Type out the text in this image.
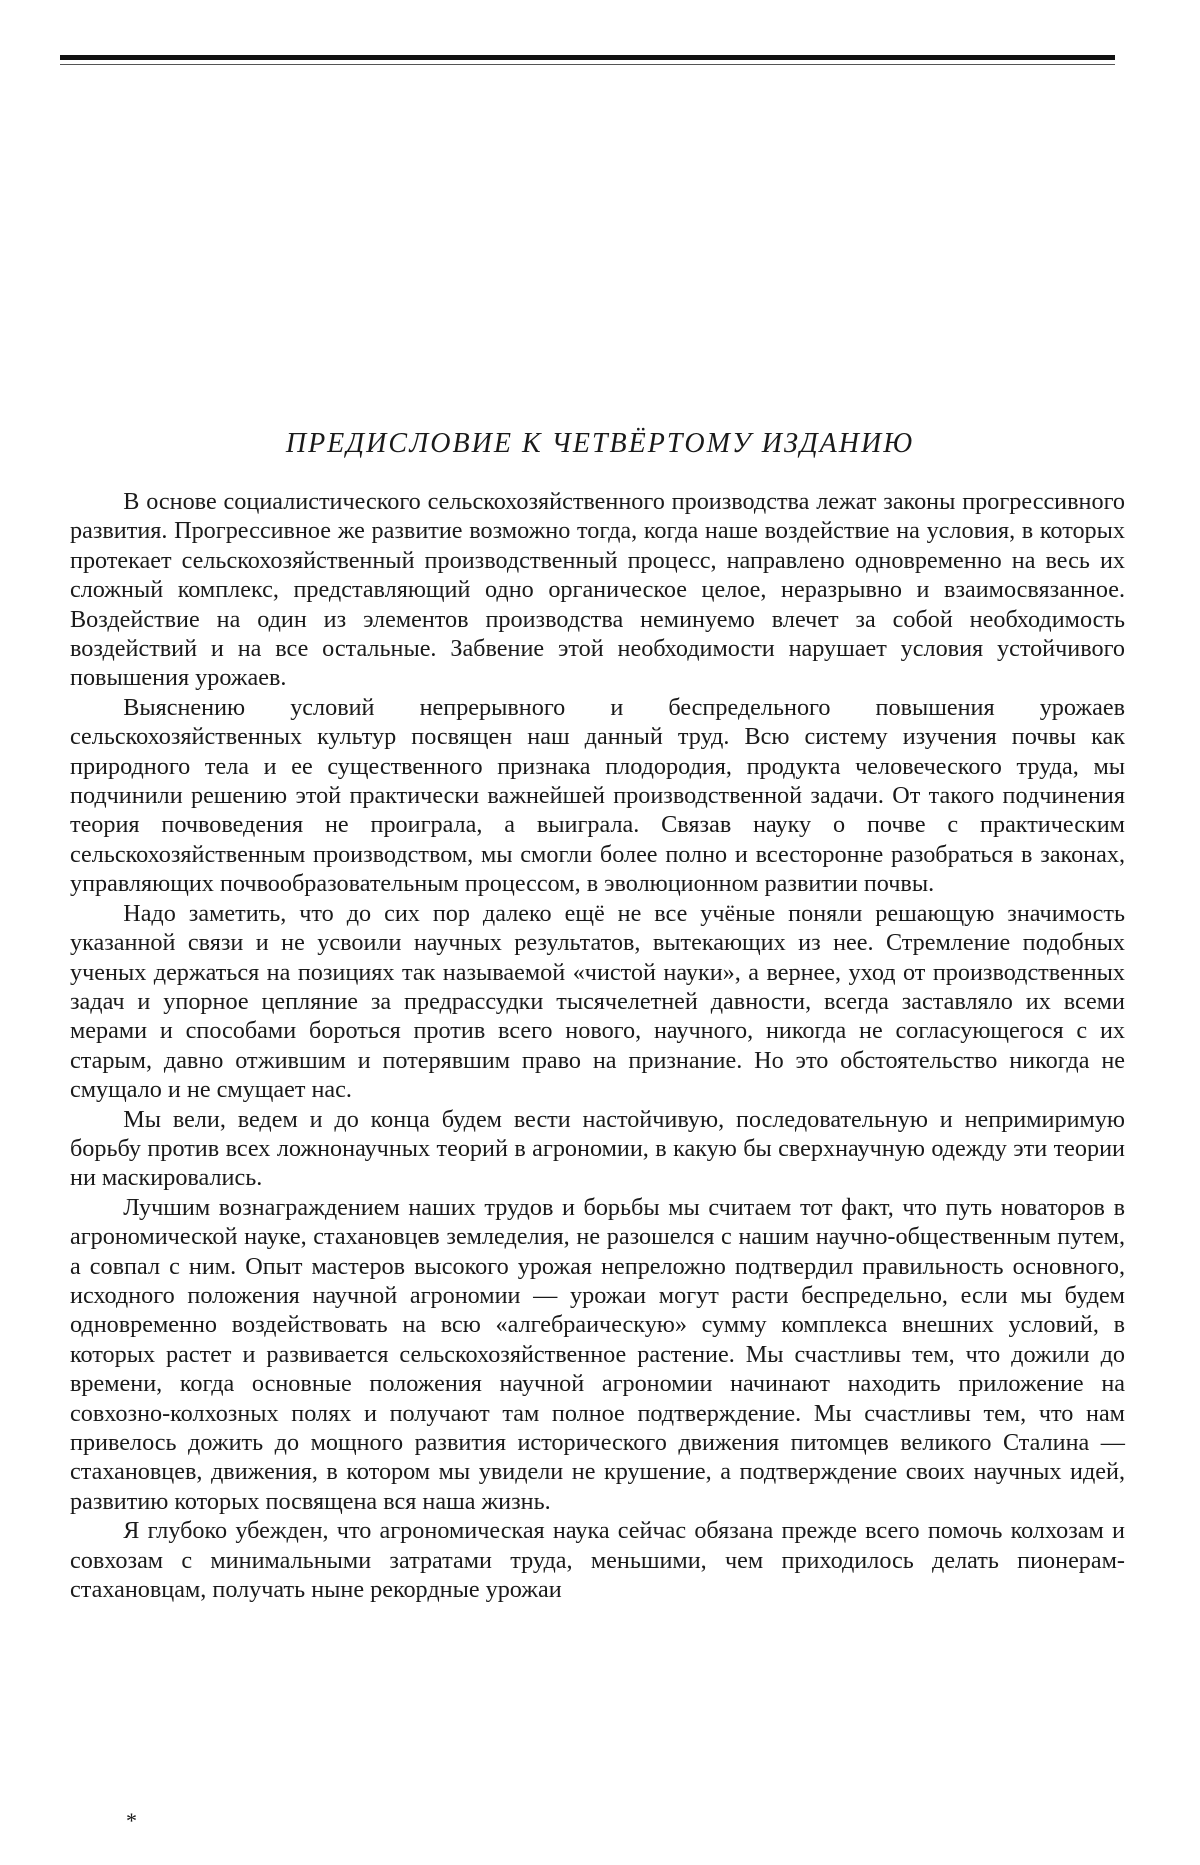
ПРЕДИСЛОВИЕ К ЧЕТВЁРТОМУ ИЗДАНИЮ

В основе социалистического сельскохозяйственного производства лежат законы прогрессивного развития. Прогрессивное же развитие возможно тогда, когда наше воздействие на условия, в которых протекает сельскохозяйственный производственный процесс, направлено одновременно на весь их сложный комплекс, представляющий одно органическое целое, неразрывно и взаимосвязанное. Воздействие на один из элементов производства неминуемо влечет за собой необходимость воздействий и на все остальные. Забвение этой необходимости нарушает условия устойчивого повышения урожаев.

Выяснению условий непрерывного и беспредельного повышения урожаев сельскохозяйственных культур посвящен наш данный труд. Всю систему изучения почвы как природного тела и ее существенного признака плодородия, продукта человеческого труда, мы подчинили решению этой практически важнейшей производственной задачи. От такого подчинения теория почвоведения не проиграла, а выиграла. Связав науку о почве с практическим сельскохозяйственным производством, мы смогли более полно и всесторонне разобраться в законах, управляющих почвообразовательным процессом, в эволюционном развитии почвы.

Надо заметить, что до сих пор далеко ещё не все учёные поняли решающую значимость указанной связи и не усвоили научных результатов, вытекающих из нее. Стремление подобных ученых держаться на позициях так называемой «чистой науки», а вернее, уход от производственных задач и упорное цепляние за предрассудки тысячелетней давности, всегда заставляло их всеми мерами и способами бороться против всего нового, научного, никогда не согласующегося с их старым, давно отжившим и потерявшим право на признание. Но это обстоятельство никогда не смущало и не смущает нас.

Мы вели, ведем и до конца будем вести настойчивую, последовательную и непримиримую борьбу против всех ложнонаучных теорий в агрономии, в какую бы сверхнаучную одежду эти теории ни маскировались.

Лучшим вознаграждением наших трудов и борьбы мы считаем тот факт, что путь новаторов в агрономической науке, стахановцев земледелия, не разошелся с нашим научно-общественным путем, а совпал с ним. Опыт мастеров высокого урожая непреложно подтвердил правильность основного, исходного положения научной агрономии — урожаи могут расти беспредельно, если мы будем одновременно воздействовать на всю «алгебраическую» сумму комплекса внешних условий, в которых растет и развивается сельскохозяйственное растение. Мы счастливы тем, что дожили до времени, когда основные положения научной агрономии начинают находить приложение на совхозно-колхозных полях и получают там полное подтверждение. Мы счастливы тем, что нам привелось дожить до мощного развития исторического движения питомцев великого Сталина — стахановцев, движения, в котором мы увидели не крушение, а подтверждение своих научных идей, развитию которых посвящена вся наша жизнь.

Я глубоко убежден, что агрономическая наука сейчас обязана прежде всего помочь колхозам и совхозам с минимальными затратами труда, меньшими, чем приходилось делать пионерам-стахановцам, получать ныне рекордные урожаи

*
